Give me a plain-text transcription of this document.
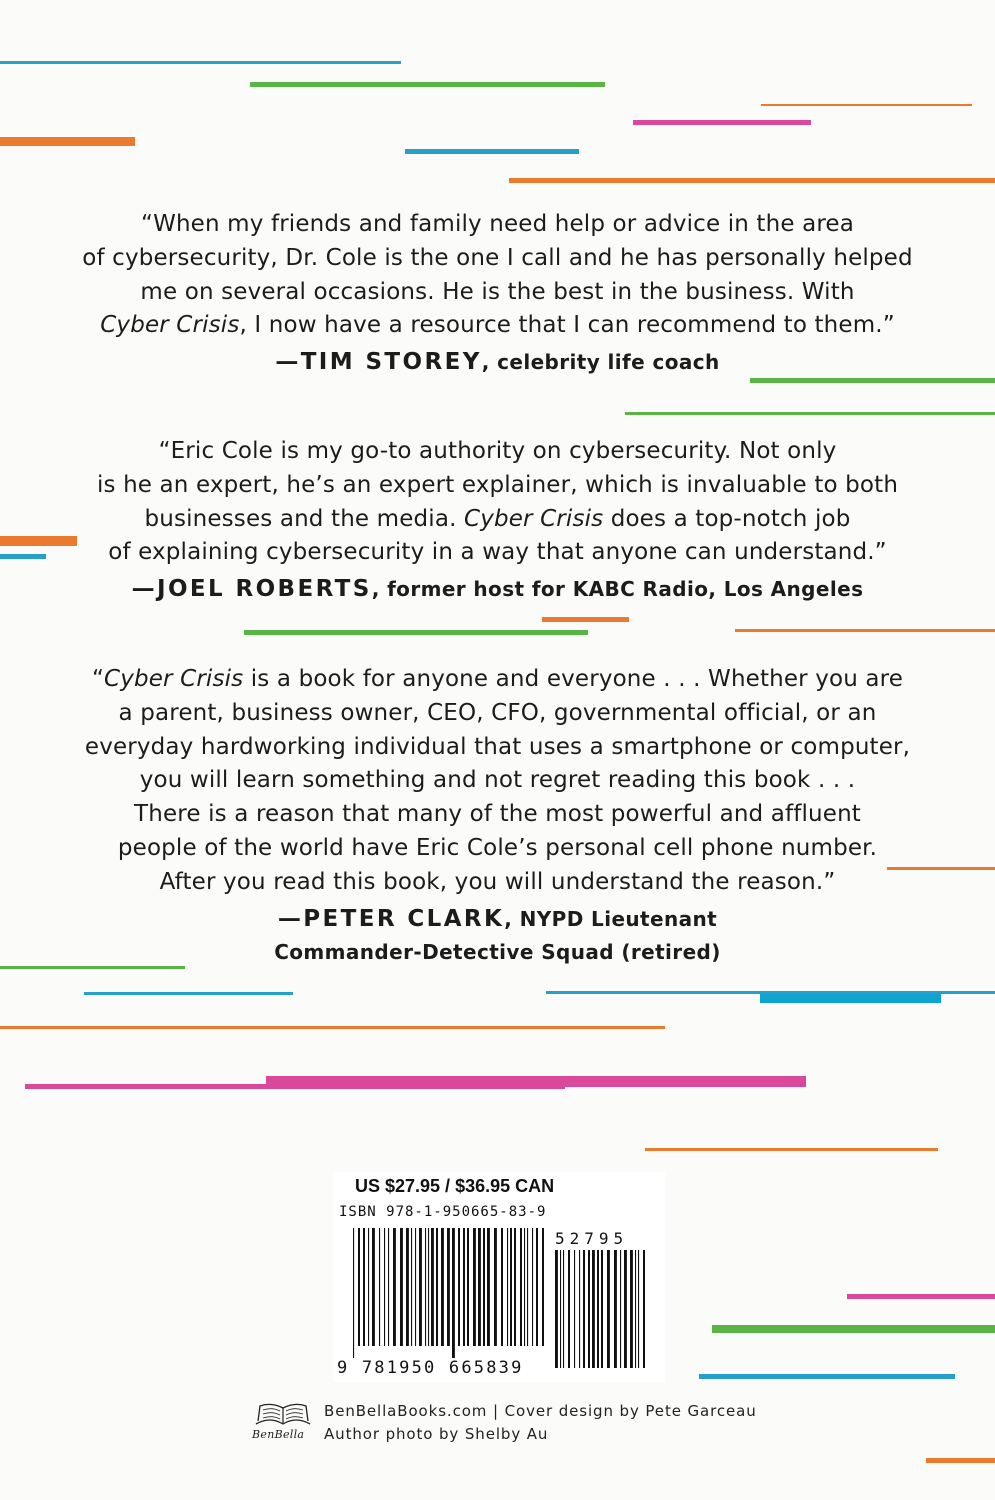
“When my friends and family need help or advice in the area
of cybersecurity, Dr. Cole is the one I call and he has personally helped
me on several occasions. He is the best in the business. With
Cyber Crisis, I now have a resource that I can recommend to them.”
—TIM STOREY, celebrity life coach
“Eric Cole is my go-to authority on cybersecurity. Not only
is he an expert, he’s an expert explainer, which is invaluable to both
businesses and the media. Cyber Crisis does a top-notch job
of explaining cybersecurity in a way that anyone can understand.”
—JOEL ROBERTS, former host for KABC Radio, Los Angeles
“Cyber Crisis is a book for anyone and everyone . . . Whether you are
a parent, business owner, CEO, CFO, governmental official, or an
everyday hardworking individual that uses a smartphone or computer,
you will learn something and not regret reading this book . . .
There is a reason that many of the most powerful and affluent
people of the world have Eric Cole’s personal cell phone number.
After you read this book, you will understand the reason.”
—PETER CLARK, NYPD Lieutenant
Commander-Detective Squad (retired)
US $27.95 / $36.95 CAN
ISBN 978-1-950665-83-9
52795
9 781950 665839
BenBella
BenBellaBooks.com | Cover design by Pete Garceau
Author photo by Shelby Au
